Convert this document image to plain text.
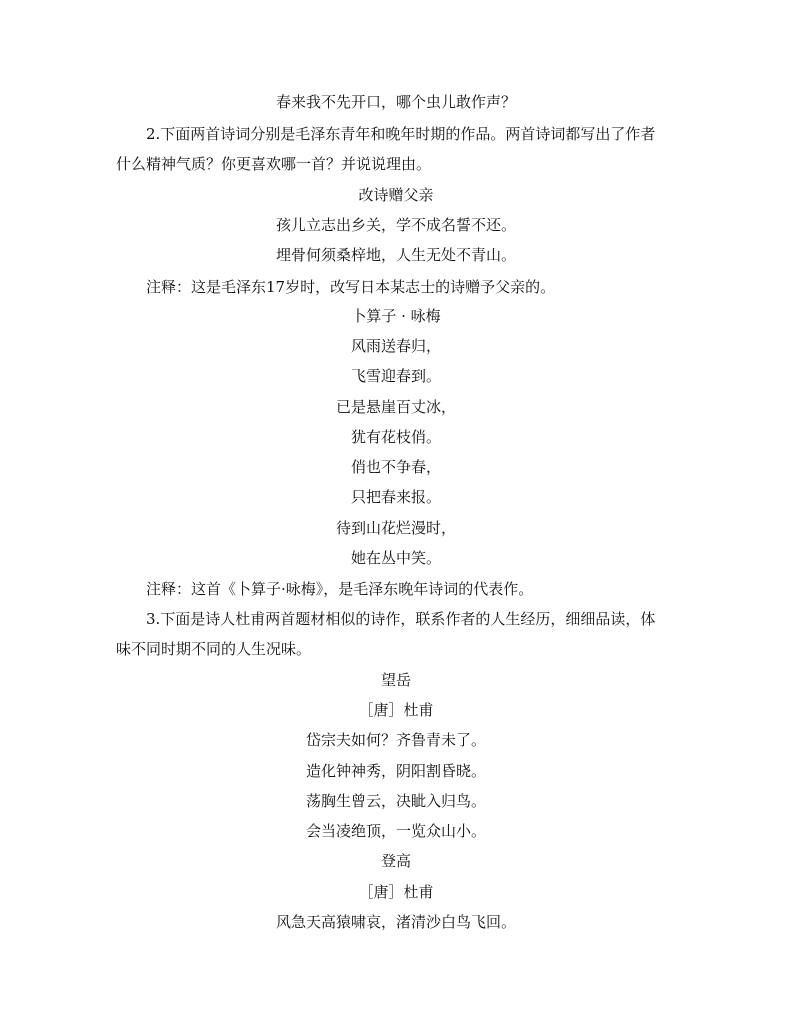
春来我不先开口，哪个虫儿敢作声？
2.下面两首诗词分别是毛泽东青年和晚年时期的作品。两首诗词都写出了作者
什么精神气质？你更喜欢哪一首？并说说理由。
改诗赠父亲
孩儿立志出乡关，学不成名誓不还。
埋骨何须桑梓地，人生无处不青山。
注释：这是毛泽东17岁时，改写日本某志士的诗赠予父亲的。
卜算子 · 咏梅
风雨送春归，
飞雪迎春到。
已是悬崖百丈冰，
犹有花枝俏。
俏也不争春，
只把春来报。
待到山花烂漫时，
她在丛中笑。
注释：这首《卜算子·咏梅》，是毛泽东晚年诗词的代表作。
3.下面是诗人杜甫两首题材相似的诗作，联系作者的人生经历，细细品读，体
味不同时期不同的人生况味。
望岳
［唐］杜甫
岱宗夫如何？齐鲁青未了。
造化钟神秀，阴阳割昏晓。
荡胸生曾云，决眦入归鸟。
会当凌绝顶，一览众山小。
登高
［唐］杜甫
风急天高猿啸哀，渚清沙白鸟飞回。
